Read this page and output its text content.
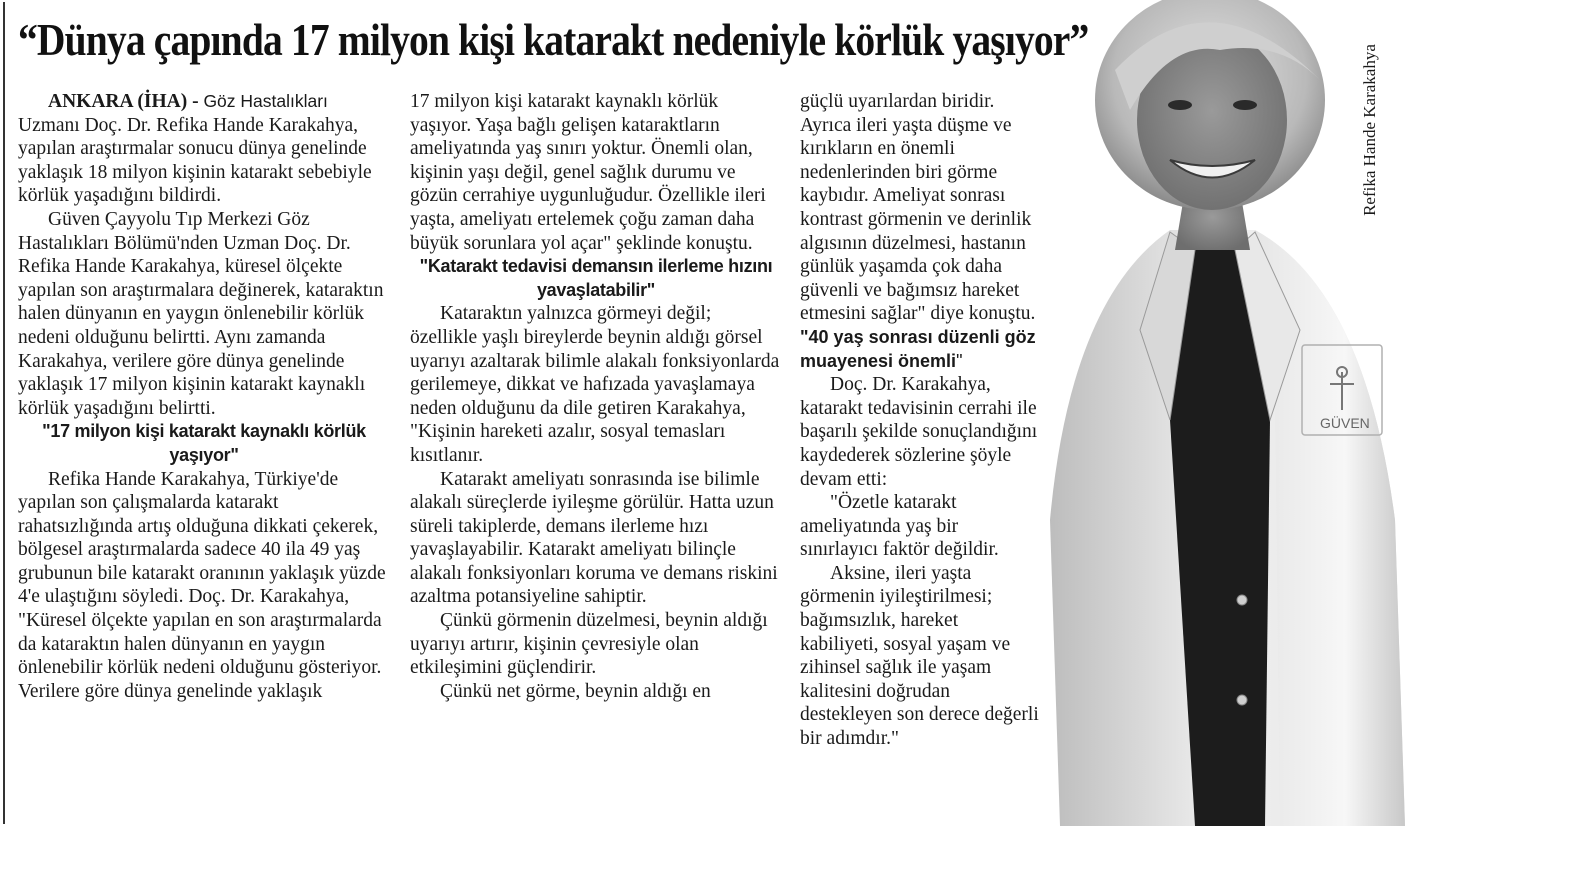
“Dünya çapında 17 milyon kişi katarakt nedeniyle körlük yaşıyor”

ANKARA (İHA) - Göz Hastalıkları Uzmanı Doç. Dr. Refika Hande Karakahya, yapılan araştırmalar sonucu dünya genelinde yaklaşık 18 milyon kişinin katarakt sebebiyle körlük yaşadığını bildirdi.

Güven Çayyolu Tıp Merkezi Göz Hastalıkları Bölümü'nden Uzman Doç. Dr. Refika Hande Karakahya, küresel ölçekte yapılan son araştırmalara değinerek, kataraktın halen dünyanın en yaygın önlenebilir körlük nedeni olduğunu belirtti. Aynı zamanda Karakahya, verilere göre dünya genelinde yaklaşık 17 milyon kişinin katarakt kaynaklı körlük yaşadığını belirtti.

"17 milyon kişi katarakt kaynaklı körlük yaşıyor"

Refika Hande Karakahya, Türkiye'de yapılan son çalışmalarda katarakt rahatsızlığında artış olduğuna dikkati çekerek, bölgesel araştırmalarda sadece 40 ila 49 yaş grubunun bile katarakt oranının yaklaşık yüzde 4'e ulaştığını söyledi. Doç. Dr. Karakahya, "Küresel ölçekte yapılan en son araştırmalarda da kataraktın halen dünyanın en yaygın önlenebilir körlük nedeni olduğunu gösteriyor. Verilere göre dünya genelinde yaklaşık

17 milyon kişi katarakt kaynaklı körlük yaşıyor. Yaşa bağlı gelişen kataraktların ameliyatında yaş sınırı yoktur. Önemli olan, kişinin yaşı değil, genel sağlık durumu ve gözün cerrahiye uygunluğudur. Özellikle ileri yaşta, ameliyatı ertelemek çoğu zaman daha büyük sorunlara yol açar" şeklinde konuştu.

"Katarakt tedavisi demansın ilerleme hızını yavaşlatabilir"

Kataraktın yalnızca görmeyi değil; özellikle yaşlı bireylerde beynin aldığı görsel uyarıyı azaltarak bilimle alakalı fonksiyonlarda gerilemeye, dikkat ve hafızada yavaşlamaya neden olduğunu da dile getiren Karakahya, "Kişinin hareketi azalır, sosyal temasları kısıtlanır.

Katarakt ameliyatı sonrasında ise bilimle alakalı süreçlerde iyileşme görülür. Hatta uzun süreli takiplerde, demans ilerleme hızı yavaşlayabilir. Katarakt ameliyatı bilinçle alakalı fonksiyonları koruma ve demans riskini azaltma potansiyeline sahiptir.

Çünkü görmenin düzelmesi, beynin aldığı uyarıyı artırır, kişinin çevresiyle olan etkileşimini güçlendirir.

Çünkü net görme, beynin aldığı en

güçlü uyarılardan biridir. Ayrıca ileri yaşta düşme ve kırıkların en önemli nedenlerinden biri görme kaybıdır. Ameliyat sonrası kontrast görmenin ve derinlik algısının düzelmesi, hastanın günlük yaşamda çok daha güvenli ve bağımsız hareket etmesini sağlar" diye konuştu.

"40 yaş sonrası düzenli göz muayenesi önemli"

Doç. Dr. Karakahya, katarakt tedavisinin cerrahi ile başarılı şekilde sonuçlandığını kaydederek sözlerine şöyle devam etti:

"Özetle katarakt ameliyatında yaş bir sınırlayıcı faktör değildir.

Aksine, ileri yaşta görmenin iyileştirilmesi; bağımsızlık, hareket kabiliyeti, sosyal yaşam ve zihinsel sağlık ile yaşam kalitesini doğrudan destekleyen son derece değerli bir adımdır."

GÜVEN
Refika Hande Karakahya
